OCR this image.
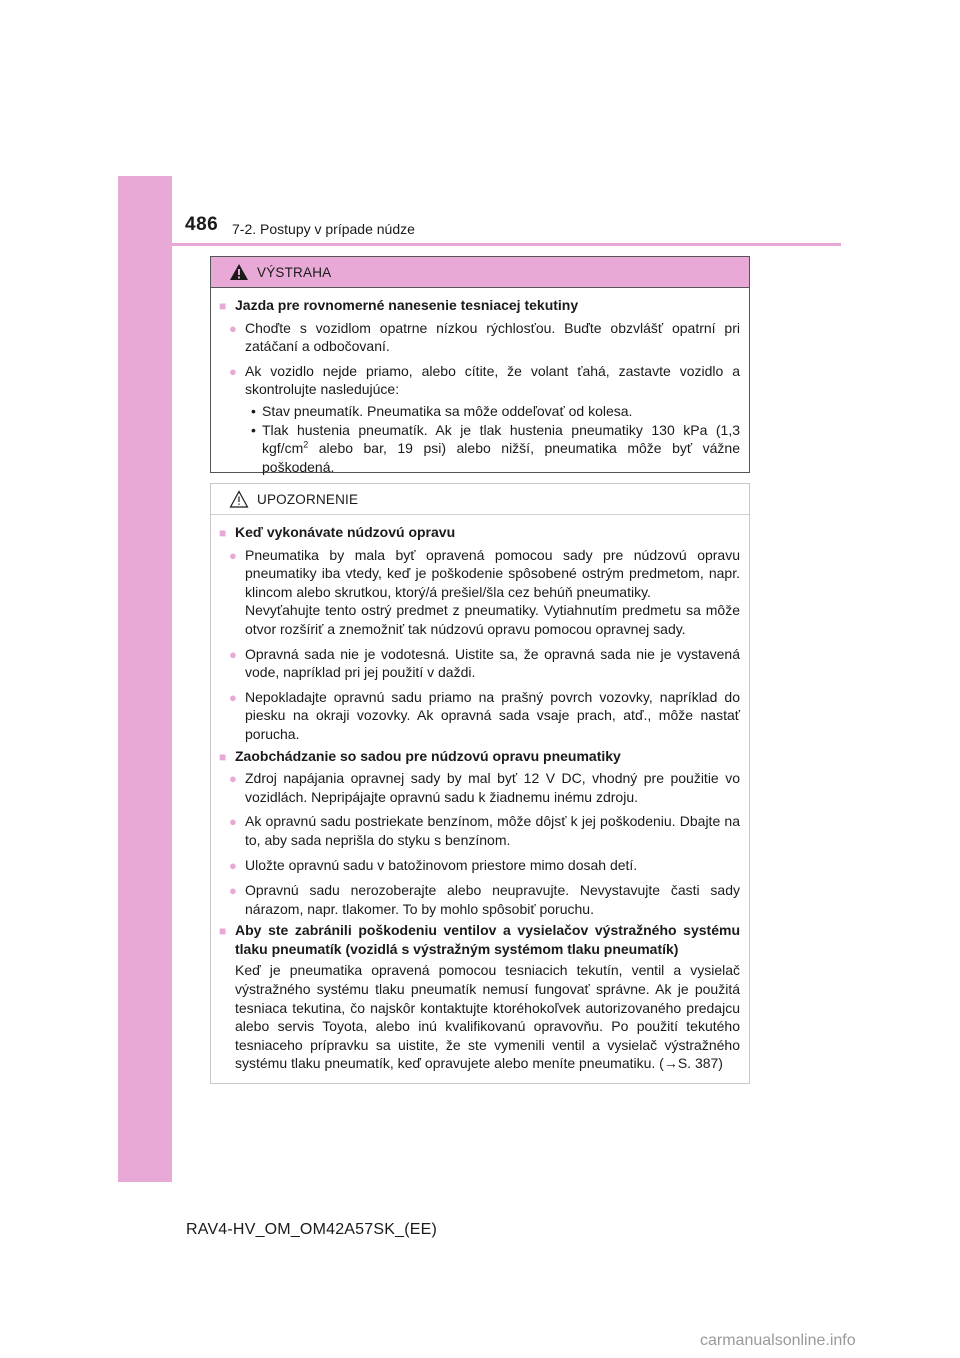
486 7-2. Postupy v prípade núdze
VÝSTRAHA
■ Jazda pre rovnomerné nanesenie tesniacej tekutiny
● Choďte s vozidlom opatrne nízkou rýchlosťou. Buďte obzvlášť opatrní pri zatáčaní a odbočovaní.
● Ak vozidlo nejde priamo, alebo cítite, že volant ťahá, zastavte vozidlo a skontrolujte nasledujúce:
• Stav pneumatík. Pneumatika sa môže oddeľovať od kolesa.
• Tlak hustenia pneumatík. Ak je tlak hustenia pneumatiky 130 kPa (1,3 kgf/$cm^2$ alebo bar, 19 psi) alebo nižší, pneumatika môže byť vážne poškodená.
UPOZORNENIE
■ Keď vykonávate núdzovú opravu
● Pneumatika by mala byť opravená pomocou sady pre núdzovú opravu pneumatiky iba vtedy, keď je poškodenie spôsobené ostrým predmetom, napr. klincom alebo skrutkou, ktorý/á prešiel/šla cez behúň pneumatiky.
Nevyťahujte tento ostrý predmet z pneumatiky. Vytiahnutím predmetu sa môže otvor rozšíriť a znemožniť tak núdzovú opravu pomocou opravnej sady.
● Opravná sada nie je vodotesná. Uistite sa, že opravná sada nie je vystavená vode, napríklad pri jej použití v daždi.
● Nepokladajte opravnú sadu priamo na prašný povrch vozovky, napríklad do piesku na okraji vozovky. Ak opravná sada vsaje prach, atď., môže nastať porucha.
■ Zaobchádzanie so sadou pre núdzovú opravu pneumatiky
● Zdroj napájania opravnej sady by mal byť 12 V DC, vhodný pre použitie vo vozidlách. Nepripájajte opravnú sadu k žiadnemu inému zdroju.
● Ak opravnú sadu postriekate benzínom, môže dôjsť k jej poškodeniu. Dbajte na to, aby sada neprišla do styku s benzínom.
● Uložte opravnú sadu v batožinovom priestore mimo dosah detí.
● Opravnú sadu nerozoberajte alebo neupravujte. Nevystavujte časti sady nárazom, napr. tlakomer. To by mohlo spôsobiť poruchu.
■ Aby ste zabránili poškodeniu ventilov a vysielačov výstražného systému tlaku pneumatík (vozidlá s výstražným systémom tlaku pneumatík)
Keď je pneumatika opravená pomocou tesniacich tekutín, ventil a vysielač výstražného systému tlaku pneumatík nemusí fungovať správne. Ak je použitá tesniaca tekutina, čo najskôr kontaktujte ktoréhokoľvek autorizovaného predajcu alebo servis Toyota, alebo inú kvalifikovanú opravovňu. Po použití tekutého tesniaceho prípravku sa uistite, že ste vymenili ventil a vysielač výstražného systému tlaku pneumatík, keď opravujete alebo meníte pneumatiku. (→S. 387)
RAV4-HV_OM_OM42A57SK_(EE)
carmanualsonline.info
